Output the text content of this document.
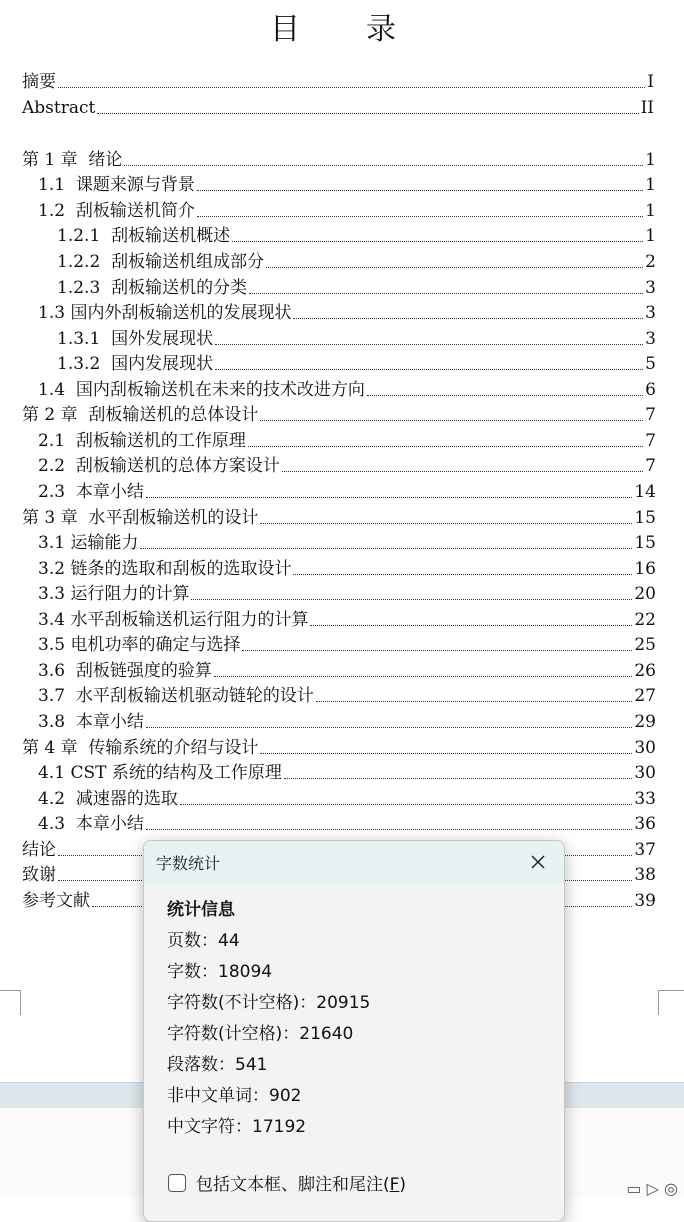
目　录
摘要	I
Abstract	II
第 1 章  绪论	1
1.1  课题来源与背景	1
1.2  刮板输送机简介	1
1.2.1  刮板输送机概述	1
1.2.2  刮板输送机组成部分	2
1.2.3  刮板输送机的分类	3
1.3 国内外刮板输送机的发展现状	3
1.3.1  国外发展现状	3
1.3.2  国内发展现状	5
1.4  国内刮板输送机在未来的技术改进方向	6
第 2 章  刮板输送机的总体设计	7
2.1  刮板输送机的工作原理	7
2.2  刮板输送机的总体方案设计	7
2.3  本章小结	14
第 3 章  水平刮板输送机的设计	15
3.1 运输能力	15
3.2 链条的选取和刮板的选取设计	16
3.3 运行阻力的计算	20
3.4 水平刮板输送机运行阻力的计算	22
3.5 电机功率的确定与选择	25
3.6  刮板链强度的验算	26
3.7  水平刮板输送机驱动链轮的设计	27
3.8  本章小结	29
第 4 章  传输系统的介绍与设计	30
4.1 CST 系统的结构及工作原理	30
4.2  减速器的选取	33
4.3  本章小结	36
结论	37
致谢	38
参考文献	39
▭ ▷ ◎
字数统计
统计信息
页数：44
字数：18094
字符数(不计空格)：20915
字符数(计空格)：21640
段落数：541
非中文单词：902
中文字符：17192
包括文本框、脚注和尾注(F)
